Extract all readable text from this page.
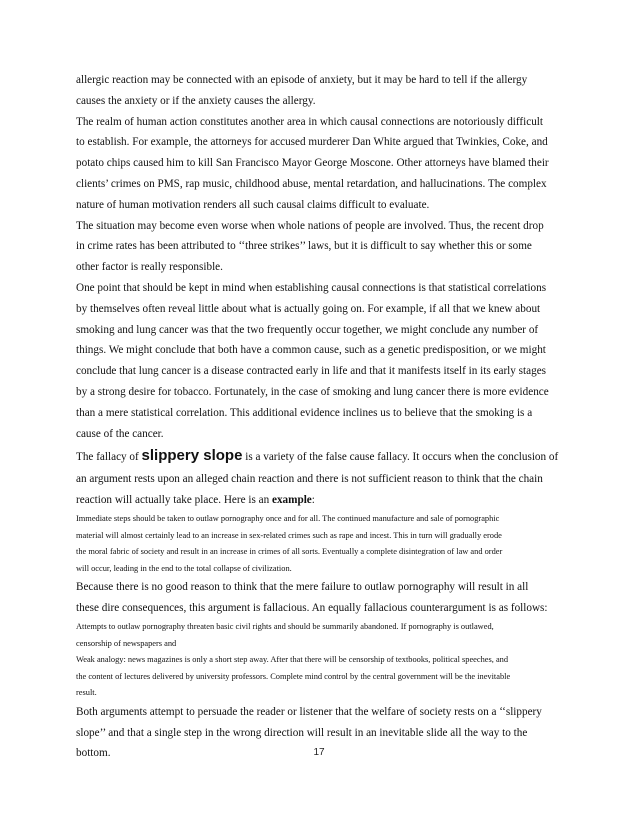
allergic reaction may be connected with an episode of anxiety, but it may be hard to tell if the allergy
causes the anxiety or if the anxiety causes the allergy.

The realm of human action constitutes another area in which causal connections are notoriously difficult
to establish. For example, the attorneys for accused murderer Dan White argued that Twinkies, Coke, and
potato chips caused him to kill San Francisco Mayor George Moscone. Other attorneys have blamed their
clients’ crimes on PMS, rap music, childhood abuse, mental retardation, and hallucinations. The complex
nature of human motivation renders all such causal claims difficult to evaluate.

The situation may become even worse when whole nations of people are involved. Thus, the recent drop
in crime rates has been attributed to ‘‘three strikes’’ laws, but it is difficult to say whether this or some
other factor is really responsible.

One point that should be kept in mind when establishing causal connections is that statistical correlations
by themselves often reveal little about what is actually going on. For example, if all that we knew about
smoking and lung cancer was that the two frequently occur together, we might conclude any number of
things. We might conclude that both have a common cause, such as a genetic predisposition, or we might
conclude that lung cancer is a disease contracted early in life and that it manifests itself in its early stages
by a strong desire for tobacco. Fortunately, in the case of smoking and lung cancer there is more evidence
than a mere statistical correlation. This additional evidence inclines us to believe that the smoking is a
cause of the cancer.

The fallacy of slippery slope is a variety of the false cause fallacy. It occurs when the conclusion of
an argument rests upon an alleged chain reaction and there is not sufficient reason to think that the chain
reaction will actually take place. Here is an example:

Immediate steps should be taken to outlaw pornography once and for all. The continued manufacture and sale of pornographic
material will almost certainly lead to an increase in sex-related crimes such as rape and incest. This in turn will gradually erode
the moral fabric of society and result in an increase in crimes of all sorts. Eventually a complete disintegration of law and order
will occur, leading in the end to the total collapse of civilization.

Because there is no good reason to think that the mere failure to outlaw pornography will result in all
these dire consequences, this argument is fallacious. An equally fallacious counterargument is as follows:

Attempts to outlaw pornography threaten basic civil rights and should be summarily abandoned. If pornography is outlawed,
censorship of newspapers and
Weak analogy: news magazines is only a short step away. After that there will be censorship of textbooks, political speeches, and
the content of lectures delivered by university professors. Complete mind control by the central government will be the inevitable
result.

Both arguments attempt to persuade the reader or listener that the welfare of society rests on a ‘‘slippery
slope’’ and that a single step in the wrong direction will result in an inevitable slide all the way to the
bottom.	17
